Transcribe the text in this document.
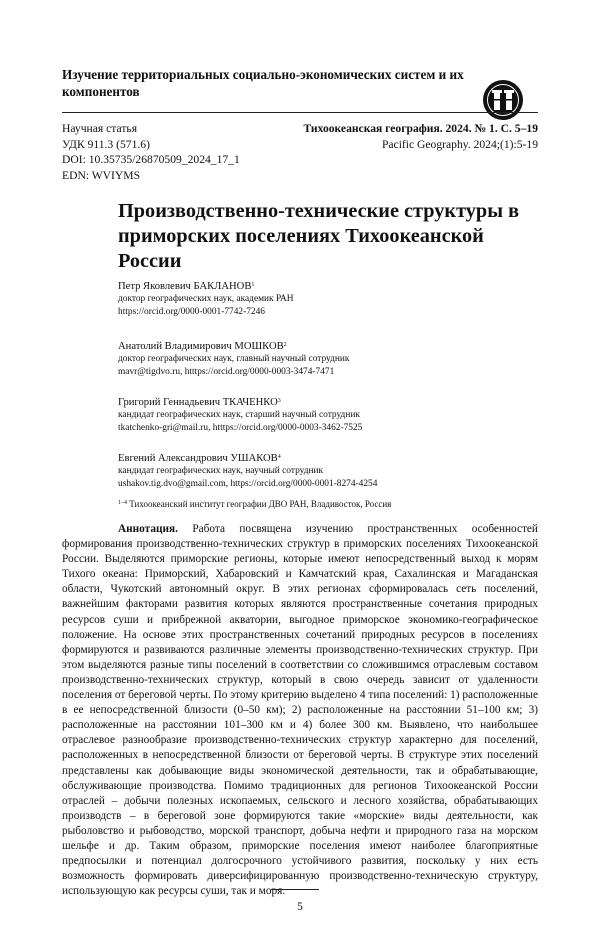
Изучение территориальных социально-экономических систем и их компонентов
Научная статья
УДК 911.3 (571.6)
DOI: 10.35735/26870509_2024_17_1
EDN: WVIYMS
Тихоокеанская география. 2024. № 1. С. 5–19
Pacific Geography. 2024;(1):5-19
Производственно-технические структуры в приморских поселениях Тихоокеанской России
Петр Яковлевич БАКЛАНОВ$^1$
доктор географических наук, академик РАН
https://orcid.org/0000-0001-7742-7246
Анатолий Владимирович МОШКОВ$^2$
доктор географических наук, главный научный сотрудник
mavr@tigdvo.ru, htttps://orcid.org/0000-0003-3474-7471
Григорий Геннадьевич ТКАЧЕНКО$^3$
кандидат географических наук, старший научный сотрудник
tkatchenko-gri@mail.ru, htttps://orcid.org/0000-0003-3462-7525
Евгений Александрович УШАКОВ$^4$
кандидат географических наук, научный сотрудник
ushakov.tig.dvo@gmail.com, https://orcid.org/0000-0001-8274-4254
$^{1-4}$ Тихоокеанский институт географии ДВО РАН, Владивосток, Россия
Аннотация. Работа посвящена изучению пространственных особенностей формирования производственно-технических структур в приморских поселениях Тихоокеанской России. Выделяются приморские регионы, которые имеют непосредственный выход к морям Тихого океана: Приморский, Хабаровский и Камчатский края, Сахалинская и Магаданская области, Чукотский автономный округ. В этих регионах сформировалась сеть поселений, важнейшим факторами развития которых являются пространственные сочетания природных ресурсов суши и прибрежной акватории, выгодное приморское экономико-географическое положение. На основе этих пространственных сочетаний природных ресурсов в поселениях формируются и развиваются различные элементы производственно-технических структур. При этом выделяются разные типы поселений в соответствии со сложившимся отраслевым составом производственно-технических структур, который в свою очередь зависит от удаленности поселения от береговой черты. По этому критерию выделено 4 типа поселений: 1) расположенные в ее непосредственной близости (0–50 км); 2) расположенные на расстоянии 51–100 км; 3) расположенные на расстоянии 101–300 км и 4) более 300 км. Выявлено, что наибольшее отраслевое разнообразие производственно-технических структур характерно для поселений, расположенных в непосредственной близости от береговой черты. В структуре этих поселений представлены как добывающие виды экономической деятельности, так и обрабатывающие, обслуживающие производства. Помимо традиционных для регионов Тихоокеанской России отраслей – добычи полезных ископаемых, сельского и лесного хозяйства, обрабатывающих производств – в береговой зоне формируются такие «морские» виды деятельности, как рыболовство и рыбоводство, морской транспорт, добыча нефти и природного газа на морском шельфе и др. Таким образом, приморские поселения имеют наиболее благоприятные предпосылки и потенциал долгосрочного устойчивого развития, поскольку у них есть возможность формировать диверсифицированную производственно-техническую структуру, использующую как ресурсы суши, так и моря.
5
